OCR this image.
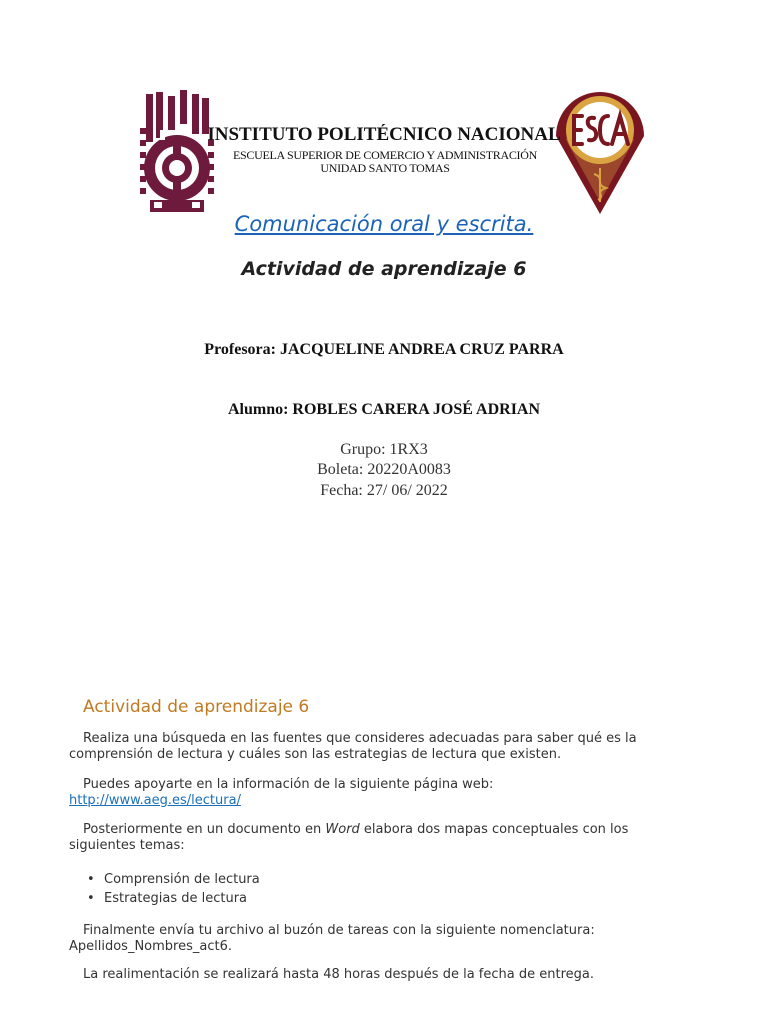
INSTITUTO POLITÉCNICO NACIONAL
ESCUELA SUPERIOR DE COMERCIO Y ADMINISTRACIÓN
UNIDAD SANTO TOMAS
Comunicación oral y escrita.
Actividad de aprendizaje 6
Profesora: JACQUELINE ANDREA CRUZ PARRA
Alumno: ROBLES CARERA JOSÉ ADRIAN
Grupo: 1RX3
Boleta: 20220A0083
Fecha: 27/ 06/ 2022
Actividad de aprendizaje 6
Realiza una búsqueda en las fuentes que consideres adecuadas para saber qué es la comprensión de lectura y cuáles son las estrategias de lectura que existen.
Puedes apoyarte en la información de la siguiente página web:
http://www.aeg.es/lectura/
Posteriormente en un documento en Word elabora dos mapas conceptuales con los siguientes temas:
• Comprensión de lectura
• Estrategias de lectura
Finalmente envía tu archivo al buzón de tareas con la siguiente nomenclatura: Apellidos_Nombres_act6.
La realimentación se realizará hasta 48 horas después de la fecha de entrega.
